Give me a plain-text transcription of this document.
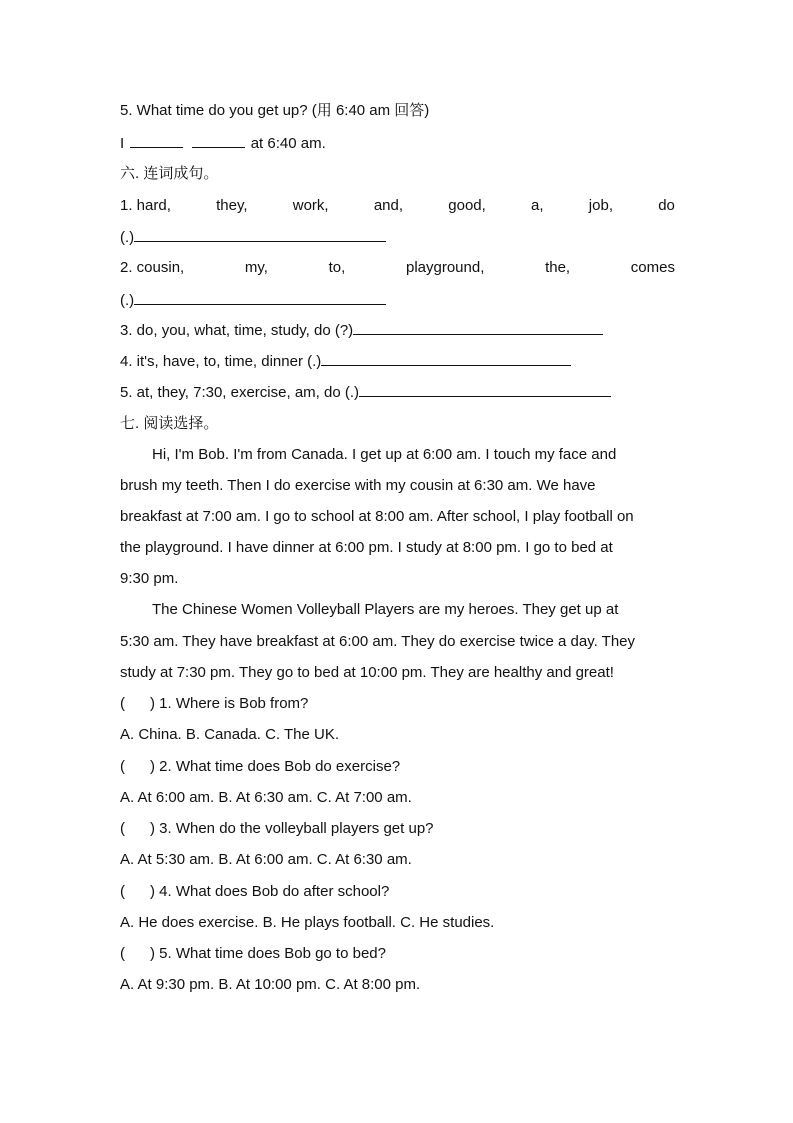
5. What time do you get up? (用 6:40 am 回答)
I	at 6:40 am.
六. 连词成句。
1. hard,	they,	work,	and,	good,	a,	job,	do
(.)
2. cousin,	my,	to,	playground,	the,	comes
(.)
3. do, you, what, time, study, do (?)
4. it's, have, to, time, dinner (.)
5. at, they, 7:30, exercise, am, do (.)
七. 阅读选择。
Hi, I'm Bob. I'm from Canada. I get up at 6:00 am. I touch my face and
brush my teeth. Then I do exercise with my cousin at 6:30 am. We have
breakfast at 7:00 am. I go to school at 8:00 am. After school, I play football on
the playground. I have dinner at 6:00 pm. I study at 8:00 pm. I go to bed at
9:30 pm.
The Chinese Women Volleyball Players are my heroes. They get up at
5:30 am. They have breakfast at 6:00 am. They do exercise twice a day. They
study at 7:30 pm. They go to bed at 10:00 pm. They are healthy and great!
( ) 1. Where is Bob from?
A. China. B. Canada. C. The UK.
( ) 2. What time does Bob do exercise?
A. At 6:00 am. B. At 6:30 am. C. At 7:00 am.
( ) 3. When do the volleyball players get up?
A. At 5:30 am. B. At 6:00 am. C. At 6:30 am.
( ) 4. What does Bob do after school?
A. He does exercise. B. He plays football. C. He studies.
( ) 5. What time does Bob go to bed?
A. At 9:30 pm. B. At 10:00 pm. C. At 8:00 pm.
